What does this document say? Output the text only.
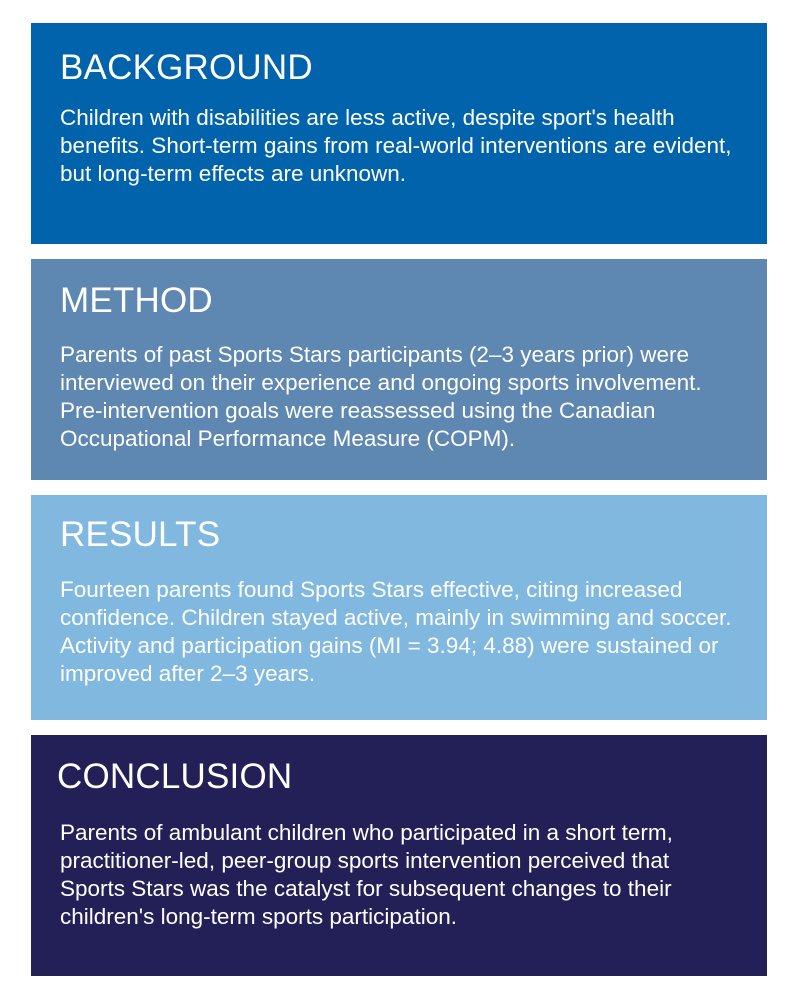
BACKGROUND

Children with disabilities are less active, despite sport's health benefits. Short-term gains from real-world interventions are evident, but long-term effects are unknown.

METHOD

Parents of past Sports Stars participants (2–3 years prior) were interviewed on their experience and ongoing sports involvement. Pre-intervention goals were reassessed using the Canadian Occupational Performance Measure (COPM).

RESULTS

Fourteen parents found Sports Stars effective, citing increased confidence. Children stayed active, mainly in swimming and soccer. Activity and participation gains (MI = 3.94; 4.88) were sustained or improved after 2–3 years.

CONCLUSION

Parents of ambulant children who participated in a short term, practitioner-led, peer-group sports intervention perceived that Sports Stars was the catalyst for subsequent changes to their children's long-term sports participation.
